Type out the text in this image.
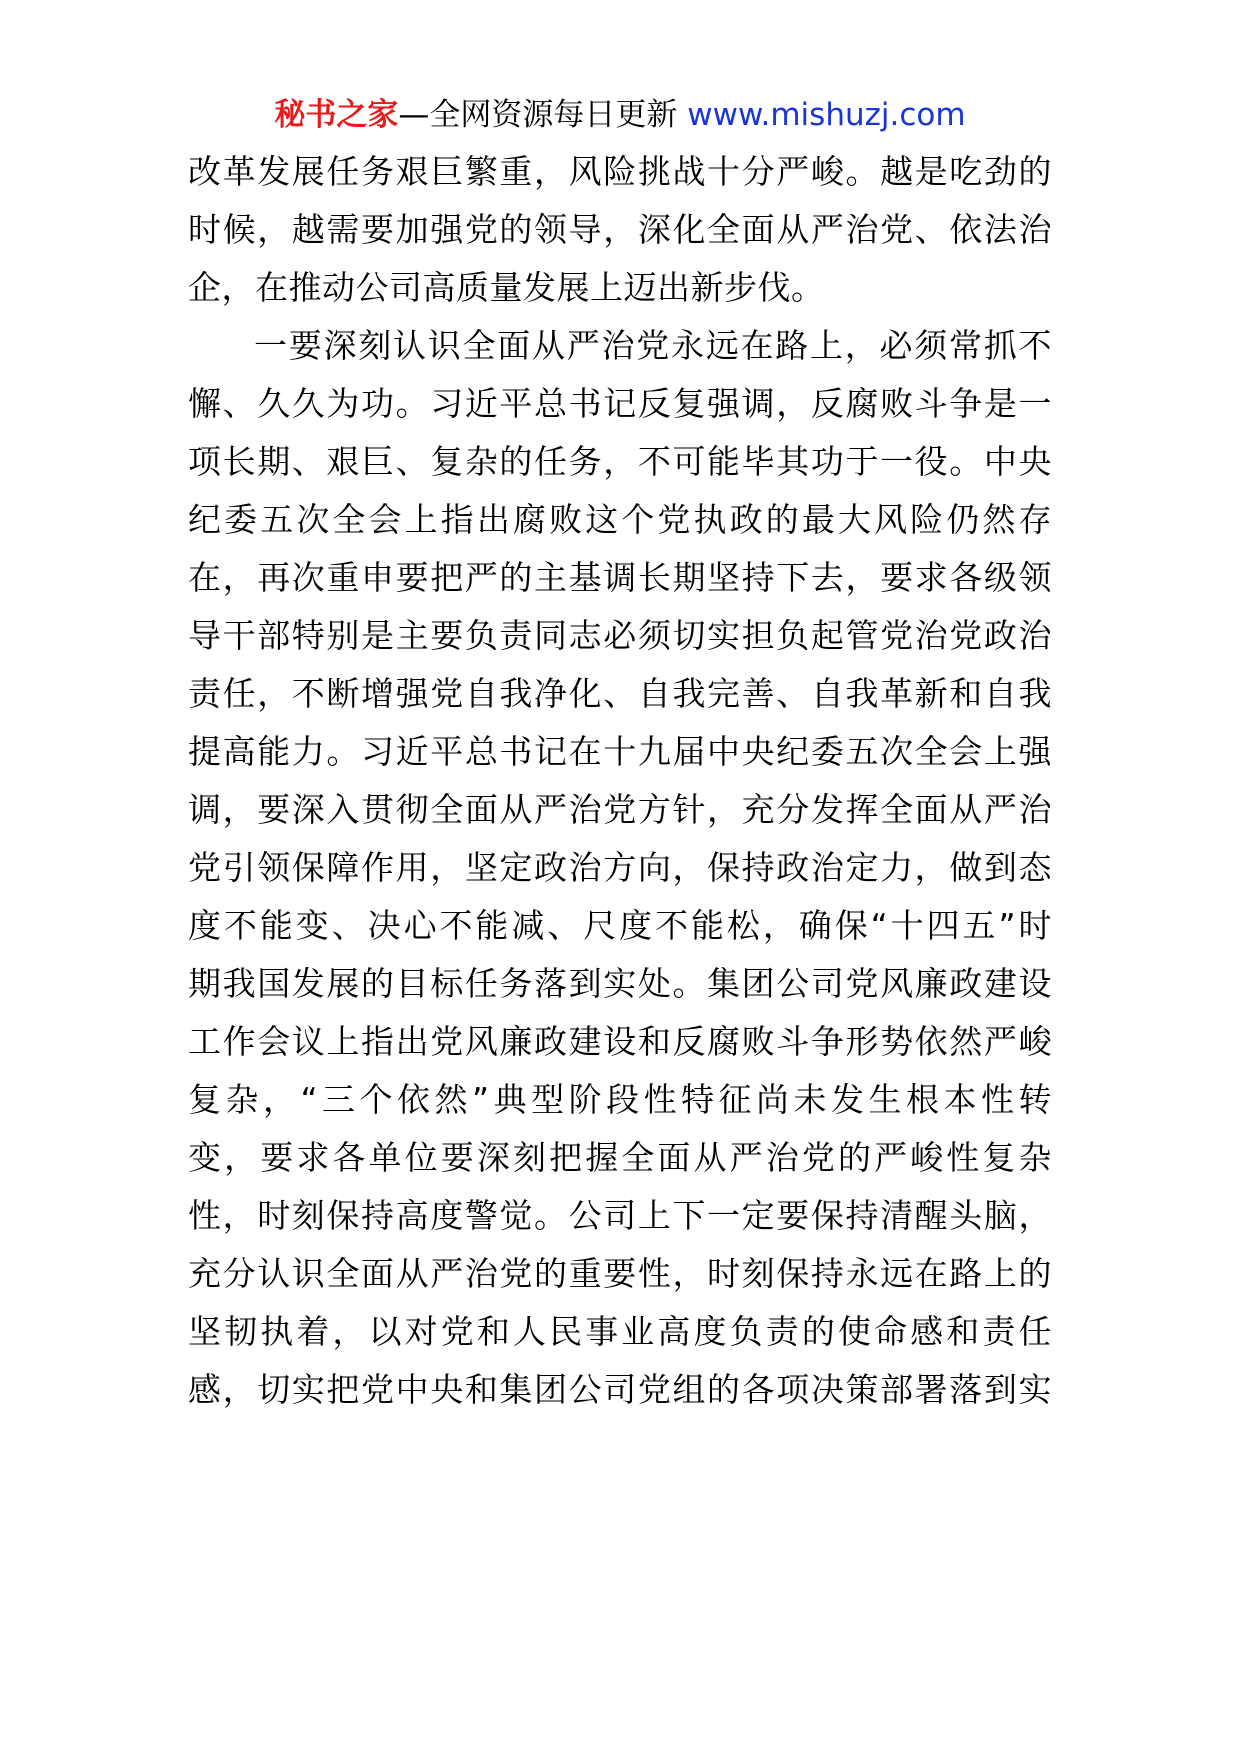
秘书之家—全网资源每日更新 www.mishuzj.com
改革发展任务艰巨繁重，风险挑战十分严峻。越是吃劲的
时候，越需要加强党的领导，深化全面从严治党、依法治
企，在推动公司高质量发展上迈出新步伐。
一要深刻认识全面从严治党永远在路上，必须常抓不
懈、久久为功。习近平总书记反复强调，反腐败斗争是一
项长期、艰巨、复杂的任务，不可能毕其功于一役。中央
纪委五次全会上指出腐败这个党执政的最大风险仍然存
在，再次重申要把严的主基调长期坚持下去，要求各级领
导干部特别是主要负责同志必须切实担负起管党治党政治
责任，不断增强党自我净化、自我完善、自我革新和自我
提高能力。习近平总书记在十九届中央纪委五次全会上强
调，要深入贯彻全面从严治党方针，充分发挥全面从严治
党引领保障作用，坚定政治方向，保持政治定力，做到态
度不能变、决心不能减、尺度不能松，确保“十四五”时
期我国发展的目标任务落到实处。集团公司党风廉政建设
工作会议上指出党风廉政建设和反腐败斗争形势依然严峻
复杂，“三个依然”典型阶段性特征尚未发生根本性转
变，要求各单位要深刻把握全面从严治党的严峻性复杂
性，时刻保持高度警觉。公司上下一定要保持清醒头脑，
充分认识全面从严治党的重要性，时刻保持永远在路上的
坚韧执着，以对党和人民事业高度负责的使命感和责任
感，切实把党中央和集团公司党组的各项决策部署落到实
